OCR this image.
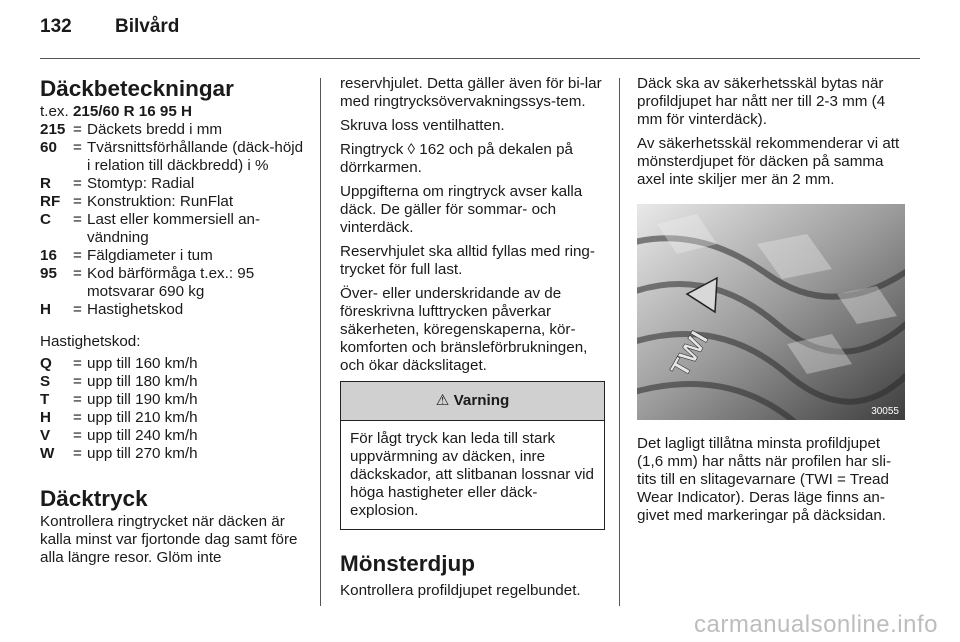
132 Bilvård
Däckbeteckningar

t.ex. 215/60 R 16 95 H

215 = Däckets bredd i mm
60	= Tvärsnittsförhållande (däck-höjd i relation till däckbredd) i %
R	= Stomtyp: Radial
RF = Konstruktion: RunFlat
C	= Last eller kommersiell an-vändning
16	= Fälgdiameter i tum
95	= Kod bärförmåga t.ex.: 95 motsvarar 690 kg
H	= Hastighetskod

Hastighetskod:

Q	= upp till 160 km/h
S	= upp till 180 km/h
T	= upp till 190 km/h
H	= upp till 210 km/h
V	= upp till 240 km/h
W	= upp till 270 km/h
Däcktryck

Kontrollera ringtrycket när däcken är kalla minst var fjortonde dag samt före alla längre resor. Glöm inte

reservhjulet. Detta gäller även för bi-lar med ringtrycksövervakningssys-tem.

Skruva loss ventilhatten.

Ringtryck ◊ 162 och på dekalen på dörrkarmen.

Uppgifterna om ringtryck avser kalla däck. De gäller för sommar- och vinterdäck.

Reservhjulet ska alltid fyllas med ring-trycket för full last.

Över- eller underskridande av de föreskrivna lufttrycken påverkar säkerheten, köregenskaperna, kör-komforten och bränsleförbrukningen, och ökar däckslitaget.

⚠ Varning
För lågt tryck kan leda till stark uppvärmning av däcken, inre däckskador, att slitbanan lossnar vid höga hastigheter eller däck-explosion.
Mönsterdjup

Kontrollera profildjupet regelbundet.

Däck ska av säkerhetsskäl bytas när profildjupet har nått ner till 2-3 mm (4 mm för vinterdäck).

Av säkerhetsskäl rekommenderar vi att mönsterdjupet för däcken på samma axel inte skiljer mer än 2 mm.

TWI
30055

Det lagligt tillåtna minsta profildjupet (1,6 mm) har nåtts när profilen har sli-tits till en slitagevarnare (TWI = Tread Wear Indicator). Deras läge finns an-givet med markeringar på däcksidan.

carmanualsonline.info
